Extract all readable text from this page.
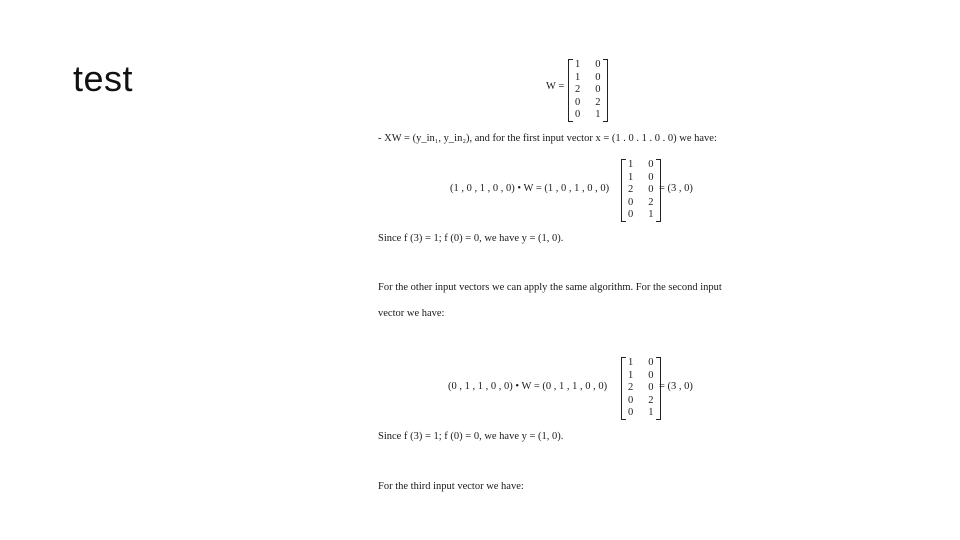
test	W =
1	0
1	0
2	0
0	2
0	1
- XW = (y_in₁, y_in₂), and for the first input vector x = (1 . 0 . 1 . 0 . 0) we have:
(1 , 0 , 1 , 0 , 0) • W = (1 , 0 , 1 , 0 , 0)
1	0
1	0
2	0
0	2
0	1
= (3 , 0)
Since f (3) = 1; f (0) = 0, we have y = (1, 0).
For the other input vectors we can apply the same algorithm. For the second input
vector we have:
(0 , 1 , 1 , 0 , 0) • W = (0 , 1 , 1 , 0 , 0)
1	0
1	0
2	0
0	2
0	1
= (3 , 0)
Since f (3) = 1; f (0) = 0, we have y = (1, 0).
For the third input vector we have:
